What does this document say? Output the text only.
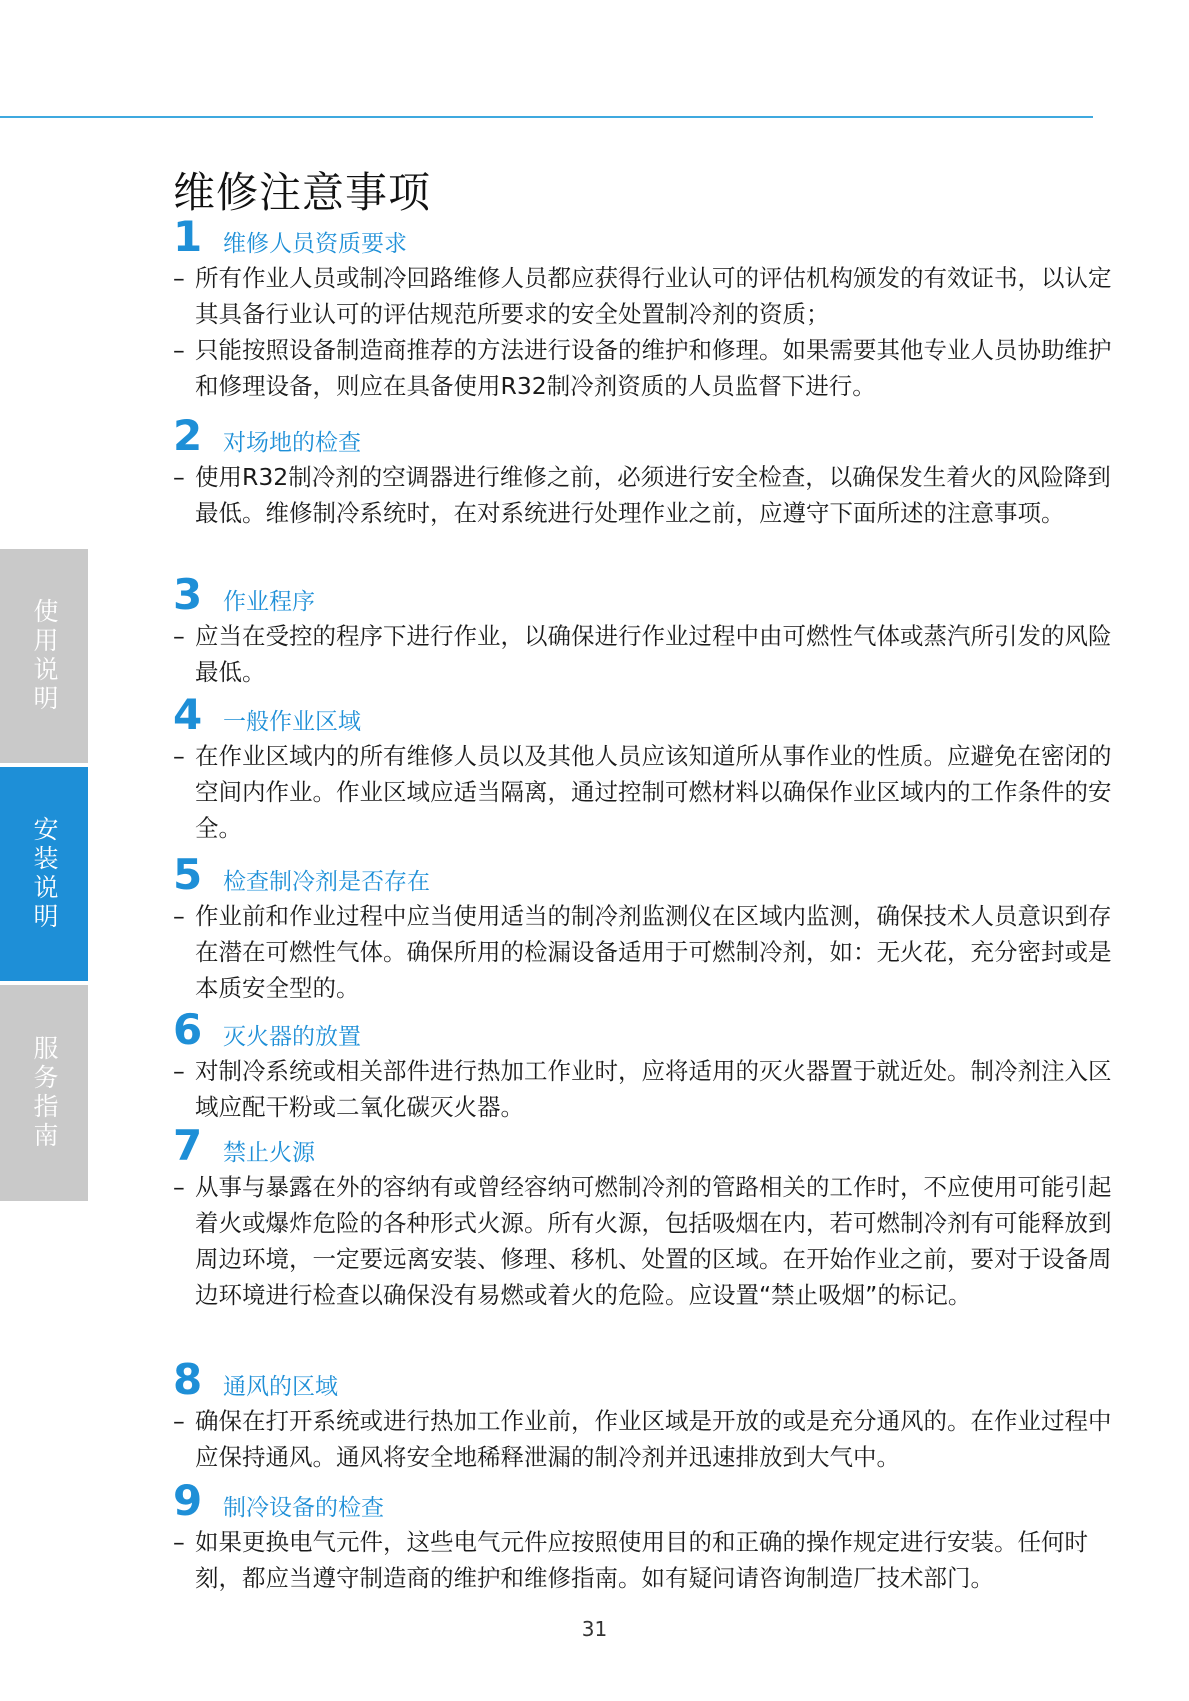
使用说明
安装说明
服务指南
维修注意事项
1 维修人员资质要求
– 所有作业人员或制冷回路维修人员都应获得行业认可的评估机构颁发的有效证书，以认定其具备行业认可的评估规范所要求的安全处置制冷剂的资质；
– 只能按照设备制造商推荐的方法进行设备的维护和修理。如果需要其他专业人员协助维护和修理设备，则应在具备使用R32制冷剂资质的人员监督下进行。
2 对场地的检查
– 使用R32制冷剂的空调器进行维修之前，必须进行安全检查，以确保发生着火的风险降到最低。维修制冷系统时，在对系统进行处理作业之前，应遵守下面所述的注意事项。
3 作业程序
– 应当在受控的程序下进行作业，以确保进行作业过程中由可燃性气体或蒸汽所引发的风险最低。
4 一般作业区域
– 在作业区域内的所有维修人员以及其他人员应该知道所从事作业的性质。应避免在密闭的空间内作业。作业区域应适当隔离，通过控制可燃材料以确保作业区域内的工作条件的安全。
5 检查制冷剂是否存在
– 作业前和作业过程中应当使用适当的制冷剂监测仪在区域内监测，确保技术人员意识到存在潜在可燃性气体。确保所用的检漏设备适用于可燃制冷剂，如：无火花，充分密封或是本质安全型的。
6 灭火器的放置
– 对制冷系统或相关部件进行热加工作业时，应将适用的灭火器置于就近处。制冷剂注入区域应配干粉或二氧化碳灭火器。
7 禁止火源
– 从事与暴露在外的容纳有或曾经容纳可燃制冷剂的管路相关的工作时，不应使用可能引起着火或爆炸危险的各种形式火源。所有火源，包括吸烟在内，若可燃制冷剂有可能释放到周边环境，一定要远离安装、修理、移机、处置的区域。在开始作业之前，要对于设备周边环境进行检查以确保没有易燃或着火的危险。应设置“禁止吸烟”的标记。
8 通风的区域
– 确保在打开系统或进行热加工作业前，作业区域是开放的或是充分通风的。在作业过程中应保持通风。通风将安全地稀释泄漏的制冷剂并迅速排放到大气中。
9 制冷设备的检查
– 如果更换电气元件，这些电气元件应按照使用目的和正确的操作规定进行安装。任何时刻，都应当遵守制造商的维护和维修指南。如有疑问请咨询制造厂技术部门。
31
